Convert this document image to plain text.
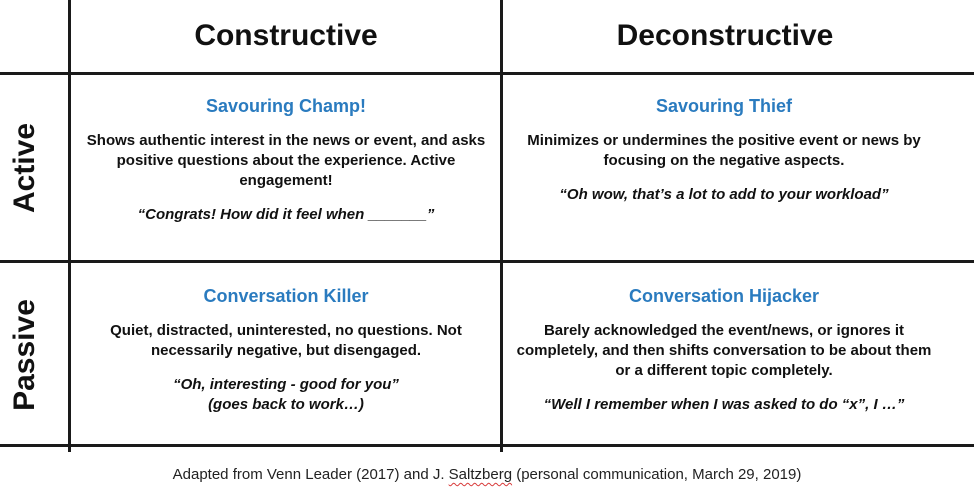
Constructive	Deconstructive
Active
Passive

Savouring Champ!

Shows authentic interest in the news or event, and asks positive questions about the experience. Active engagement!

“Congrats! How did it feel when _______”

Savouring Thief

Minimizes or undermines the positive event or news by focusing on the negative aspects.

“Oh wow, that’s a lot to add to your workload”

Conversation Killer

Quiet, distracted, uninterested, no questions. Not necessarily negative, but disengaged.

“Oh, interesting - good for you”
(goes back to work…)

Conversation Hijacker

Barely acknowledged the event/news, or ignores it completely, and then shifts conversation to be about them or a different topic completely.

“Well I remember when I was asked to do “x”, I …”

Adapted from Venn Leader (2017) and J. Saltzberg (personal communication, March 29, 2019)
